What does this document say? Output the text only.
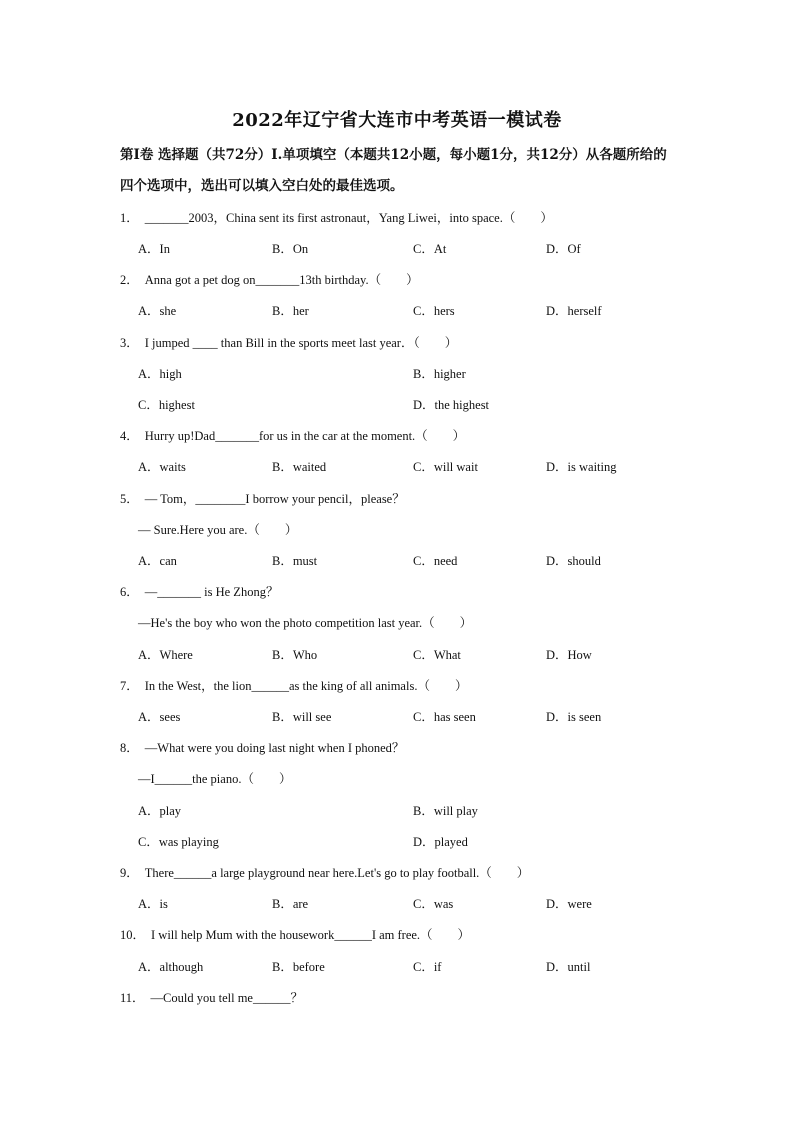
2022年辽宁省大连市中考英语一模试卷
第Ⅰ卷 选择题（共72分）Ⅰ.单项填空（本题共12小题，每小题1分，共12分）从各题所给的四个选项中，选出可以填入空白处的最佳选项。
1． _______2003，China sent its first astronaut，Yang Liwei，into space.（　　）
A．In	B．On	C．At	D．Of
2． Anna got a pet dog on_______13th birthday.（　　）
A．she	B．her	C．hers	D．herself
3． I jumped ____ than Bill in the sports meet last year．（　　）
A．high	B．higher
C．highest	D．the highest
4． Hurry up!Dad_______for us in the car at the moment.（　　）
A．waits	B．waited	C．will wait	D．is waiting
5． — Tom，________I borrow your pencil，please？
— Sure.Here you are.（　　）
A．can	B．must	C．need	D．should
6． —_______ is He Zhong？
—He's the boy who won the photo competition last year.（　　）
A．Where	B．Who	C．What	D．How
7． In the West，the lion______as the king of all animals.（　　）
A．sees	B．will see	C．has seen	D．is seen
8． —What were you doing last night when I phoned？
—I______the piano.（　　）
A．play	B．will play
C．was playing	D．played
9． There______a large playground near here.Let's go to play football.（　　）
A．is	B．are	C．was	D．were
10． I will help Mum with the housework______I am free.（　　）
A．although	B．before	C．if	D．until
11． —Could you tell me______？
